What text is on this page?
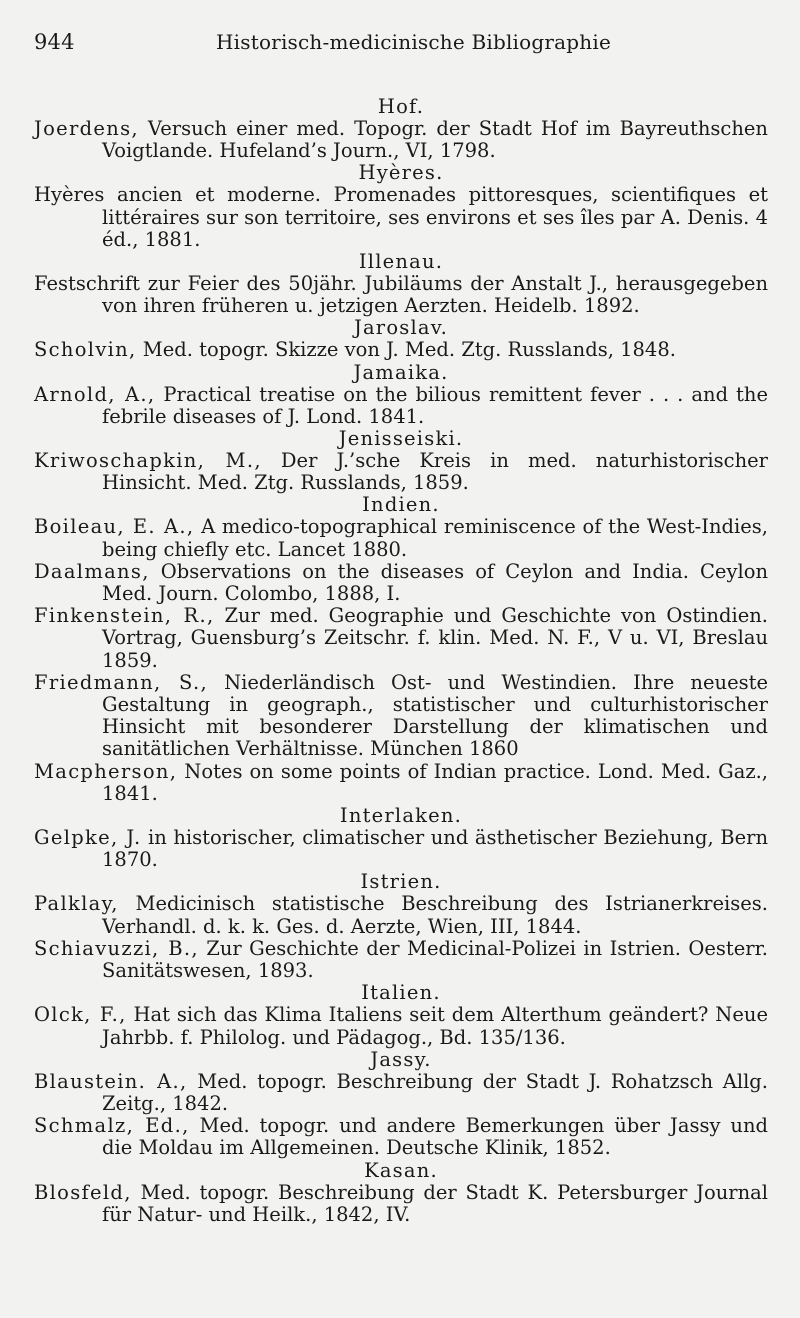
944	Historisch-medicinische Bibliographie
Hof.
Joerdens, Versuch einer med. Topogr. der Stadt Hof im Bayreuthschen Voigtlande. Hufeland’s Journ., VI, 1798.
Hyères.
Hyères ancien et moderne. Promenades pittoresques, scientifiques et littéraires sur son territoire, ses environs et ses îles par A. Denis. 4 éd., 1881.
Illenau.
Festschrift zur Feier des 50jähr. Jubiläums der Anstalt J., herausgegeben von ihren früheren u. jetzigen Aerzten. Heidelb. 1892.
Jaroslav.
Scholvin, Med. topogr. Skizze von J. Med. Ztg. Russlands, 1848.
Jamaika.
Arnold, A., Practical treatise on the bilious remittent fever . . . and the febrile diseases of J. Lond. 1841.
Jenisseiski.
Kriwoschapkin, M., Der J.’sche Kreis in med. naturhistorischer Hinsicht. Med. Ztg. Russlands, 1859.
Indien.
Boileau, E. A., A medico-topographical reminiscence of the West-Indies, being chiefly etc. Lancet 1880.
Daalmans, Observations on the diseases of Ceylon and India. Ceylon Med. Journ. Colombo, 1888, I.
Finkenstein, R., Zur med. Geographie und Geschichte von Ostindien. Vortrag, Guensburg’s Zeitschr. f. klin. Med. N. F., V u. VI, Breslau 1859.
Friedmann, S., Niederländisch Ost- und Westindien. Ihre neueste Gestaltung in geograph., statistischer und culturhistorischer Hinsicht mit besonderer Darstellung der klimatischen und sanitätlichen Verhältnisse. München 1860
Macpherson, Notes on some points of Indian practice. Lond. Med. Gaz., 1841.
Interlaken.
Gelpke, J. in historischer, climatischer und ästhetischer Beziehung, Bern 1870.
Istrien.
Palklay, Medicinisch statistische Beschreibung des Istrianerkreises. Verhandl. d. k. k. Ges. d. Aerzte, Wien, III, 1844.
Schiavuzzi, B., Zur Geschichte der Medicinal-Polizei in Istrien. Oesterr. Sanitätswesen, 1893.
Italien.
Olck, F., Hat sich das Klima Italiens seit dem Alterthum geändert? Neue Jahrbb. f. Philolog. und Pädagog., Bd. 135/136.
Jassy.
Blaustein. A., Med. topogr. Beschreibung der Stadt J. Rohatzsch Allg. Zeitg., 1842.
Schmalz, Ed., Med. topogr. und andere Bemerkungen über Jassy und die Moldau im Allgemeinen. Deutsche Klinik, 1852.
Kasan.
Blosfeld, Med. topogr. Beschreibung der Stadt K. Petersburger Journal für Natur- und Heilk., 1842, IV.
